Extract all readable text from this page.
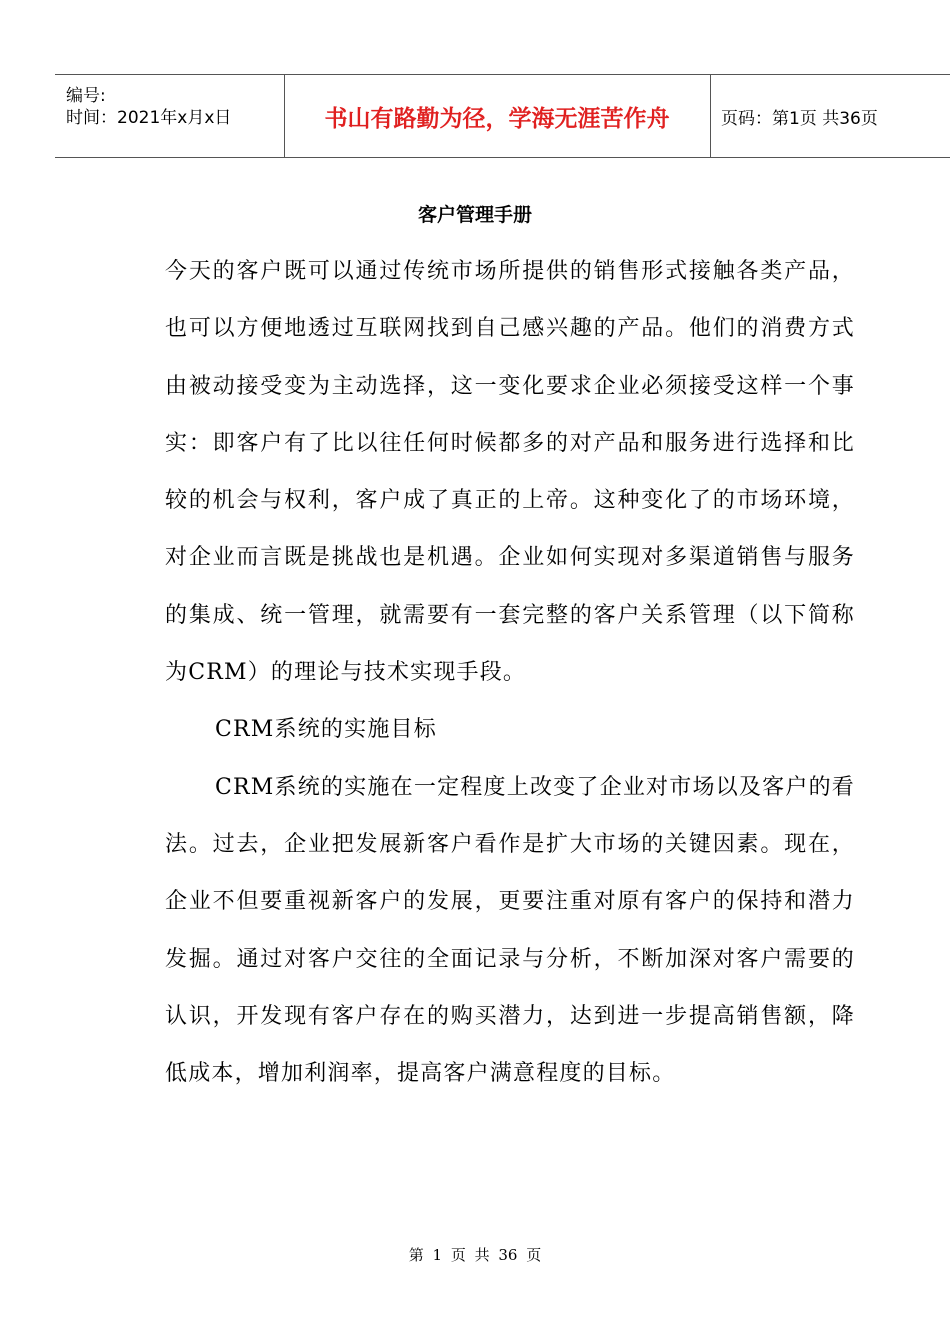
编号:
时间：2021年x月x日	书山有路勤为径，学海无涯苦作舟	页码：第1页 共36页
客户管理手册

今天的客户既可以通过传统市场所提供的销售形式接触各类产品，也可以方便地透过互联网找到自己感兴趣的产品。他们的消费方式由被动接受变为主动选择，这一变化要求企业必须接受这样一个事实：即客户有了比以往任何时候都多的对产品和服务进行选择和比较的机会与权利，客户成了真正的上帝。这种变化了的市场环境，对企业而言既是挑战也是机遇。企业如何实现对多渠道销售与服务的集成、统一管理，就需要有一套完整的客户关系管理（以下简称为CRM）的理论与技术实现手段。

CRM系统的实施目标

CRM系统的实施在一定程度上改变了企业对市场以及客户的看法。过去，企业把发展新客户看作是扩大市场的关键因素。现在，企业不但要重视新客户的发展，更要注重对原有客户的保持和潜力发掘。通过对客户交往的全面记录与分析，不断加深对客户需要的认识，开发现有客户存在的购买潜力，达到进一步提高销售额，降低成本，增加利润率，提高客户满意程度的目标。

第 1 页 共 36 页
